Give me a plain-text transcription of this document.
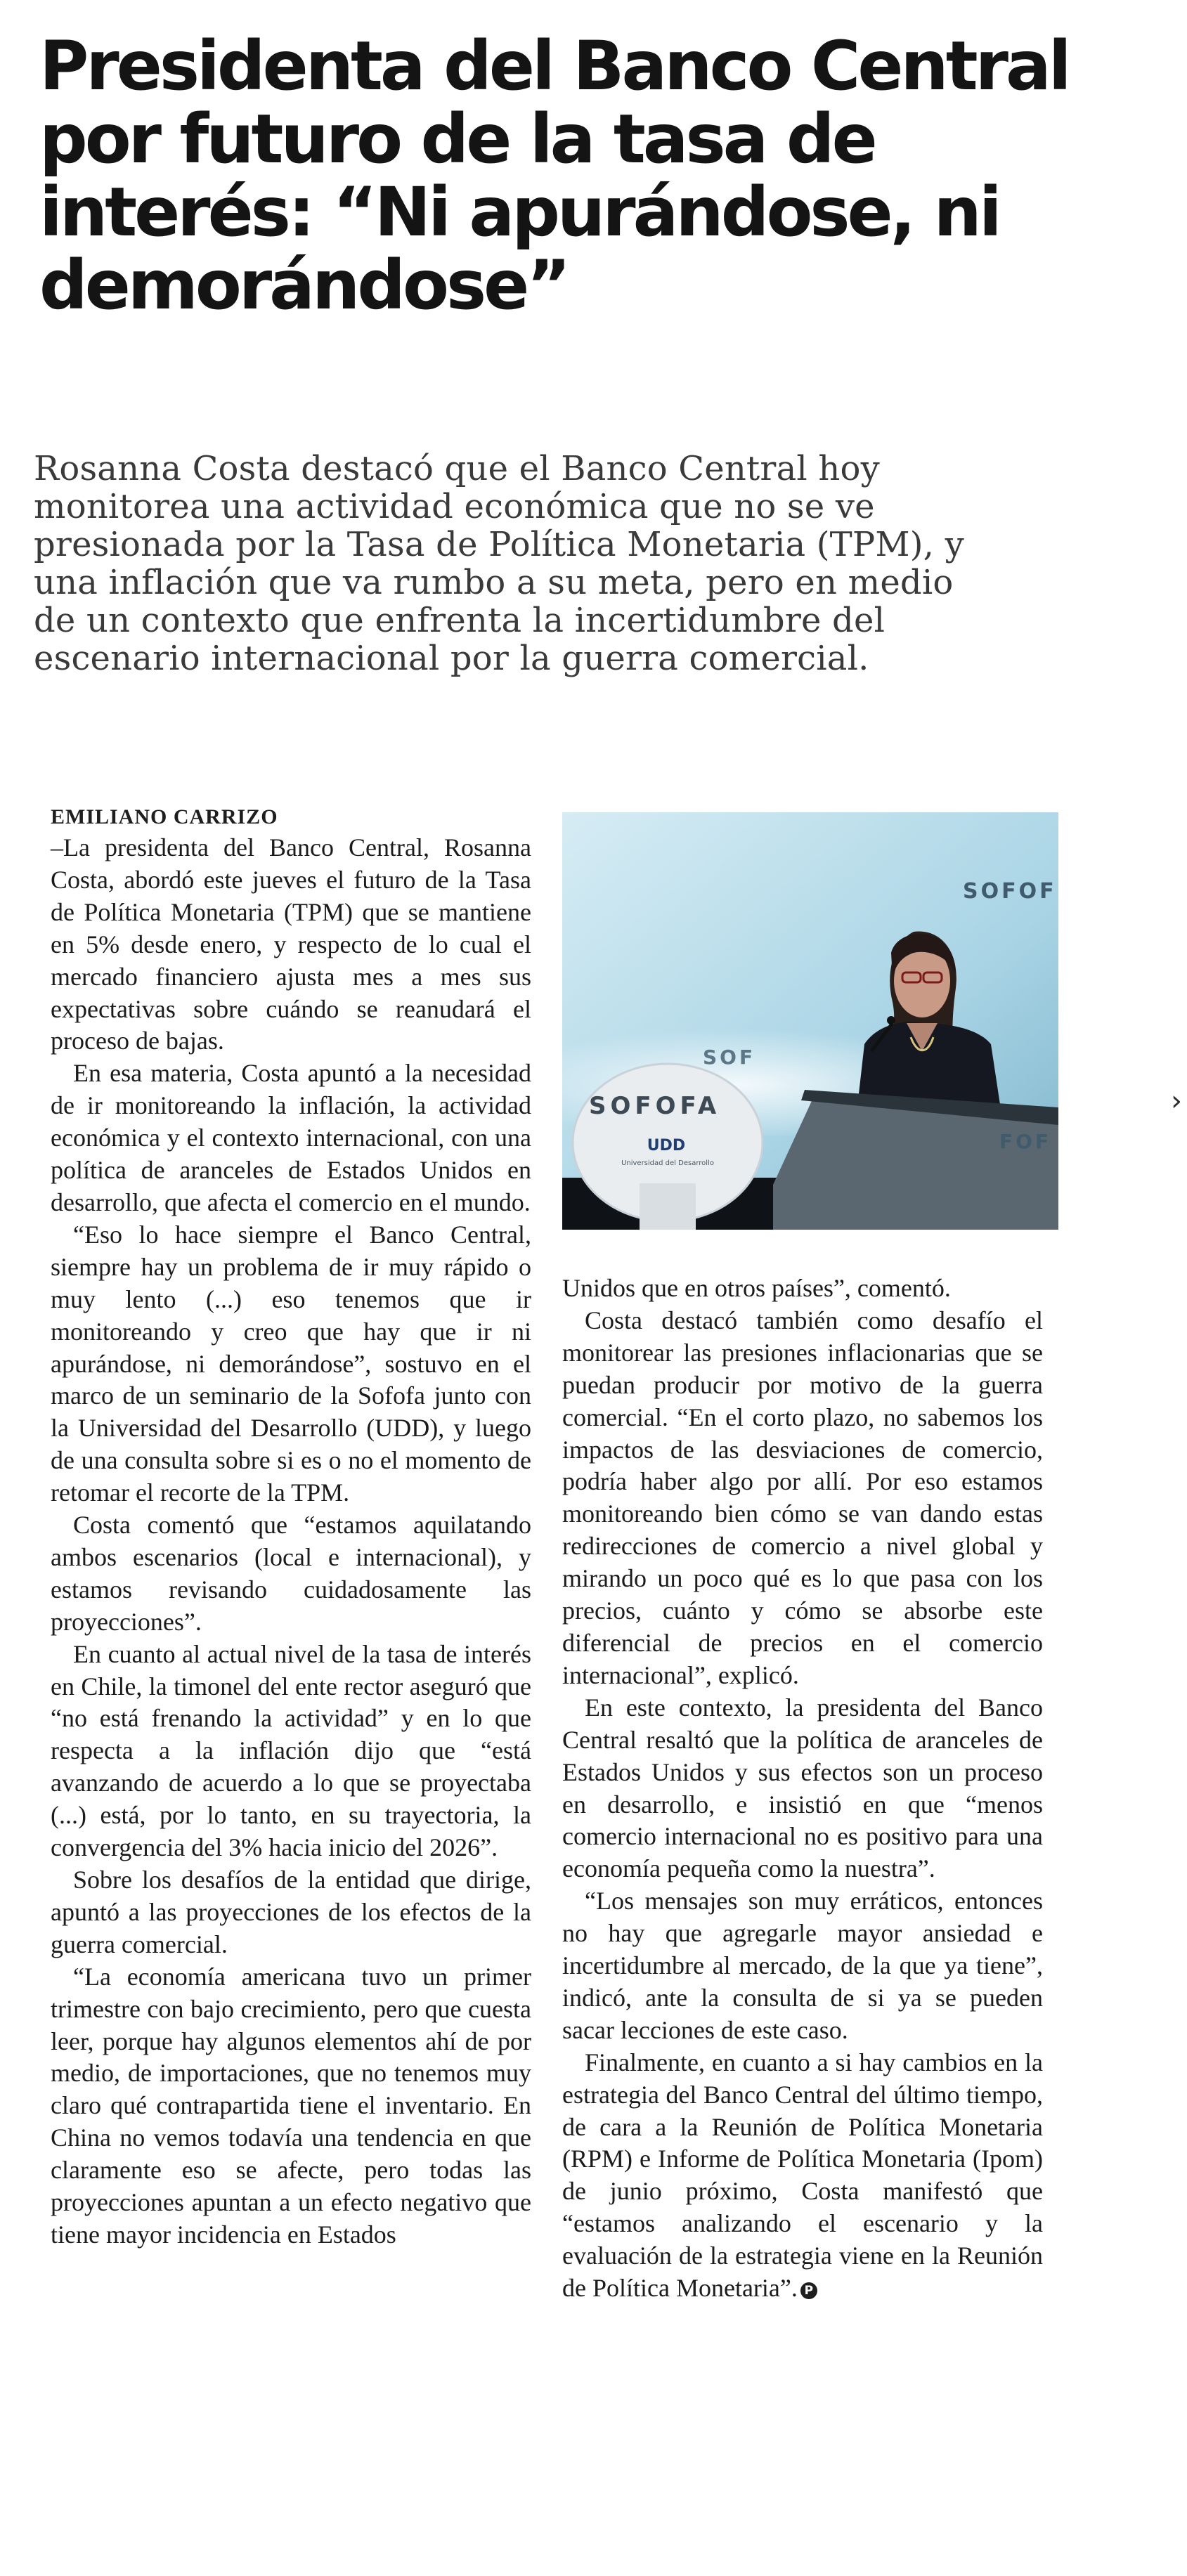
Presidenta del Banco Central por futuro de la tasa de interés: “Ni apurándose, ni demorándose”

Rosanna Costa destacó que el Banco Central hoy monitorea una actividad económica que no se ve presionada por la Tasa de Política Monetaria (TPM), y una inflación que va rumbo a su meta, pero en medio de un contexto que enfrenta la incertidumbre del escenario internacional por la guerra comercial.

EMILIANO CARRIZO

–La presidenta del Banco Central, Rosanna Costa, abordó este jueves el futuro de la Tasa de Política Monetaria (TPM) que se mantiene en 5% desde enero, y respecto de lo cual el mercado financiero ajusta mes a mes sus expectativas sobre cuándo se reanudará el proceso de bajas.

En esa materia, Costa apuntó a la necesidad de ir monitoreando la inflación, la actividad económica y el contexto internacional, con una política de aranceles de Estados Unidos en desarrollo, que afecta el comercio en el mundo.

“Eso lo hace siempre el Banco Central, siempre hay un problema de ir muy rápido o muy lento (...) eso tenemos que ir monitoreando y creo que hay que ir ni apurándose, ni demorándose”, sostuvo en el marco de un seminario de la Sofofa junto con la Universidad del Desarrollo (UDD), y luego de una consulta sobre si es o no el momento de retomar el recorte de la TPM.

Costa comentó que “estamos aquilatando ambos escenarios (local e internacional), y estamos revisando cuidadosamente las proyecciones”.

En cuanto al actual nivel de la tasa de interés en Chile, la timonel del ente rector aseguró que “no está frenando la actividad” y en lo que respecta a la inflación dijo que “está avanzando de acuerdo a lo que se proyectaba (...) está, por lo tanto, en su trayectoria, la convergencia del 3% hacia inicio del 2026”.

Sobre los desafíos de la entidad que dirige, apuntó a las proyecciones de los efectos de la guerra comercial.

“La economía americana tuvo un primer trimestre con bajo crecimiento, pero que cuesta leer, porque hay algunos elementos ahí de por medio, de importaciones, que no tenemos muy claro qué contrapartida tiene el inventario. En China no vemos todavía una tendencia en que claramente eso se afecte, pero todas las proyecciones apuntan a un efecto negativo que tiene mayor incidencia en Estados

SOFOF
SOF
FOF
SOFOFA
UDD
Universidad del Desarrollo

Unidos que en otros países”, comentó.

Costa destacó también como desafío el monitorear las presiones inflacionarias que se puedan producir por motivo de la guerra comercial. “En el corto plazo, no sabemos los impactos de las desviaciones de comercio, podría haber algo por allí. Por eso estamos monitoreando bien cómo se van dando estas redirecciones de comercio a nivel global y mirando un poco qué es lo que pasa con los precios, cuánto y cómo se absorbe este diferencial de precios en el comercio internacional”, explicó.

En este contexto, la presidenta del Banco Central resaltó que la política de aranceles de Estados Unidos y sus efectos son un proceso en desarrollo, e insistió en que “menos comercio internacional no es positivo para una economía pequeña como la nuestra”.

“Los mensajes son muy erráticos, entonces no hay que agregarle mayor ansiedad e incertidumbre al mercado, de la que ya tiene”, indicó, ante la consulta de si ya se pueden sacar lecciones de este caso.

Finalmente, en cuanto a si hay cambios en la estrategia del Banco Central del último tiempo, de cara a la Reunión de Política Monetaria (RPM) e Informe de Política Monetaria (Ipom) de junio próximo, Costa manifestó que “estamos analizando el escenario y la evaluación de la estrategia viene en la Reunión de Política Monetaria”. P

›
